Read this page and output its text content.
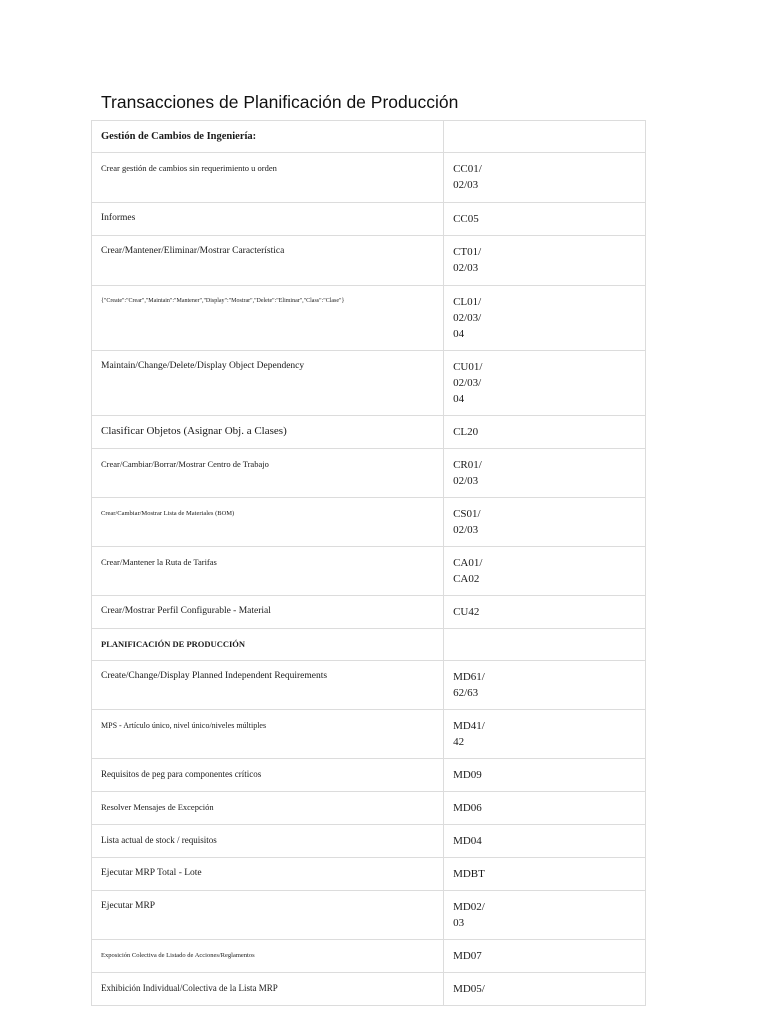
Transacciones de Planificación de Producción
Gestión de Cambios de Ingeniería:	

Crear gestión de cambios sin requerimiento u orden	CC01/
02/03

Informes	CC05

Crear/Mantener/Eliminar/Mostrar Característica	CT01/
02/03

{"Create":"Crear","Maintain":"Mantener","Display":"Mostrar","Delete":"Eliminar","Class":"Clase"}	CL01/
02/03/
04

Maintain/Change/Delete/Display Object Dependency	CU01/
02/03/
04

Clasificar Objetos (Asignar Obj. a Clases)	CL20

Crear/Cambiar/Borrar/Mostrar Centro de Trabajo	CR01/
02/03

Crear/Cambiar/Mostrar Lista de Materiales (BOM)	CS01/
02/03

Crear/Mantener la Ruta de Tarifas	CA01/
CA02

Crear/Mostrar Perfil Configurable - Material	CU42

PLANIFICACIÓN DE PRODUCCIÓN	

Create/Change/Display Planned Independent Requirements	MD61/
62/63

MPS - Artículo único, nivel único/niveles múltiples	MD41/
42

Requisitos de peg para componentes críticos	MD09

Resolver Mensajes de Excepción	MD06

Lista actual de stock / requisitos	MD04

Ejecutar MRP Total - Lote	MDBT

Ejecutar MRP	MD02/
03

Exposición Colectiva de Listado de Acciones/Reglamentos	MD07

Exhibición Individual/Colectiva de la Lista MRP	MD05/
